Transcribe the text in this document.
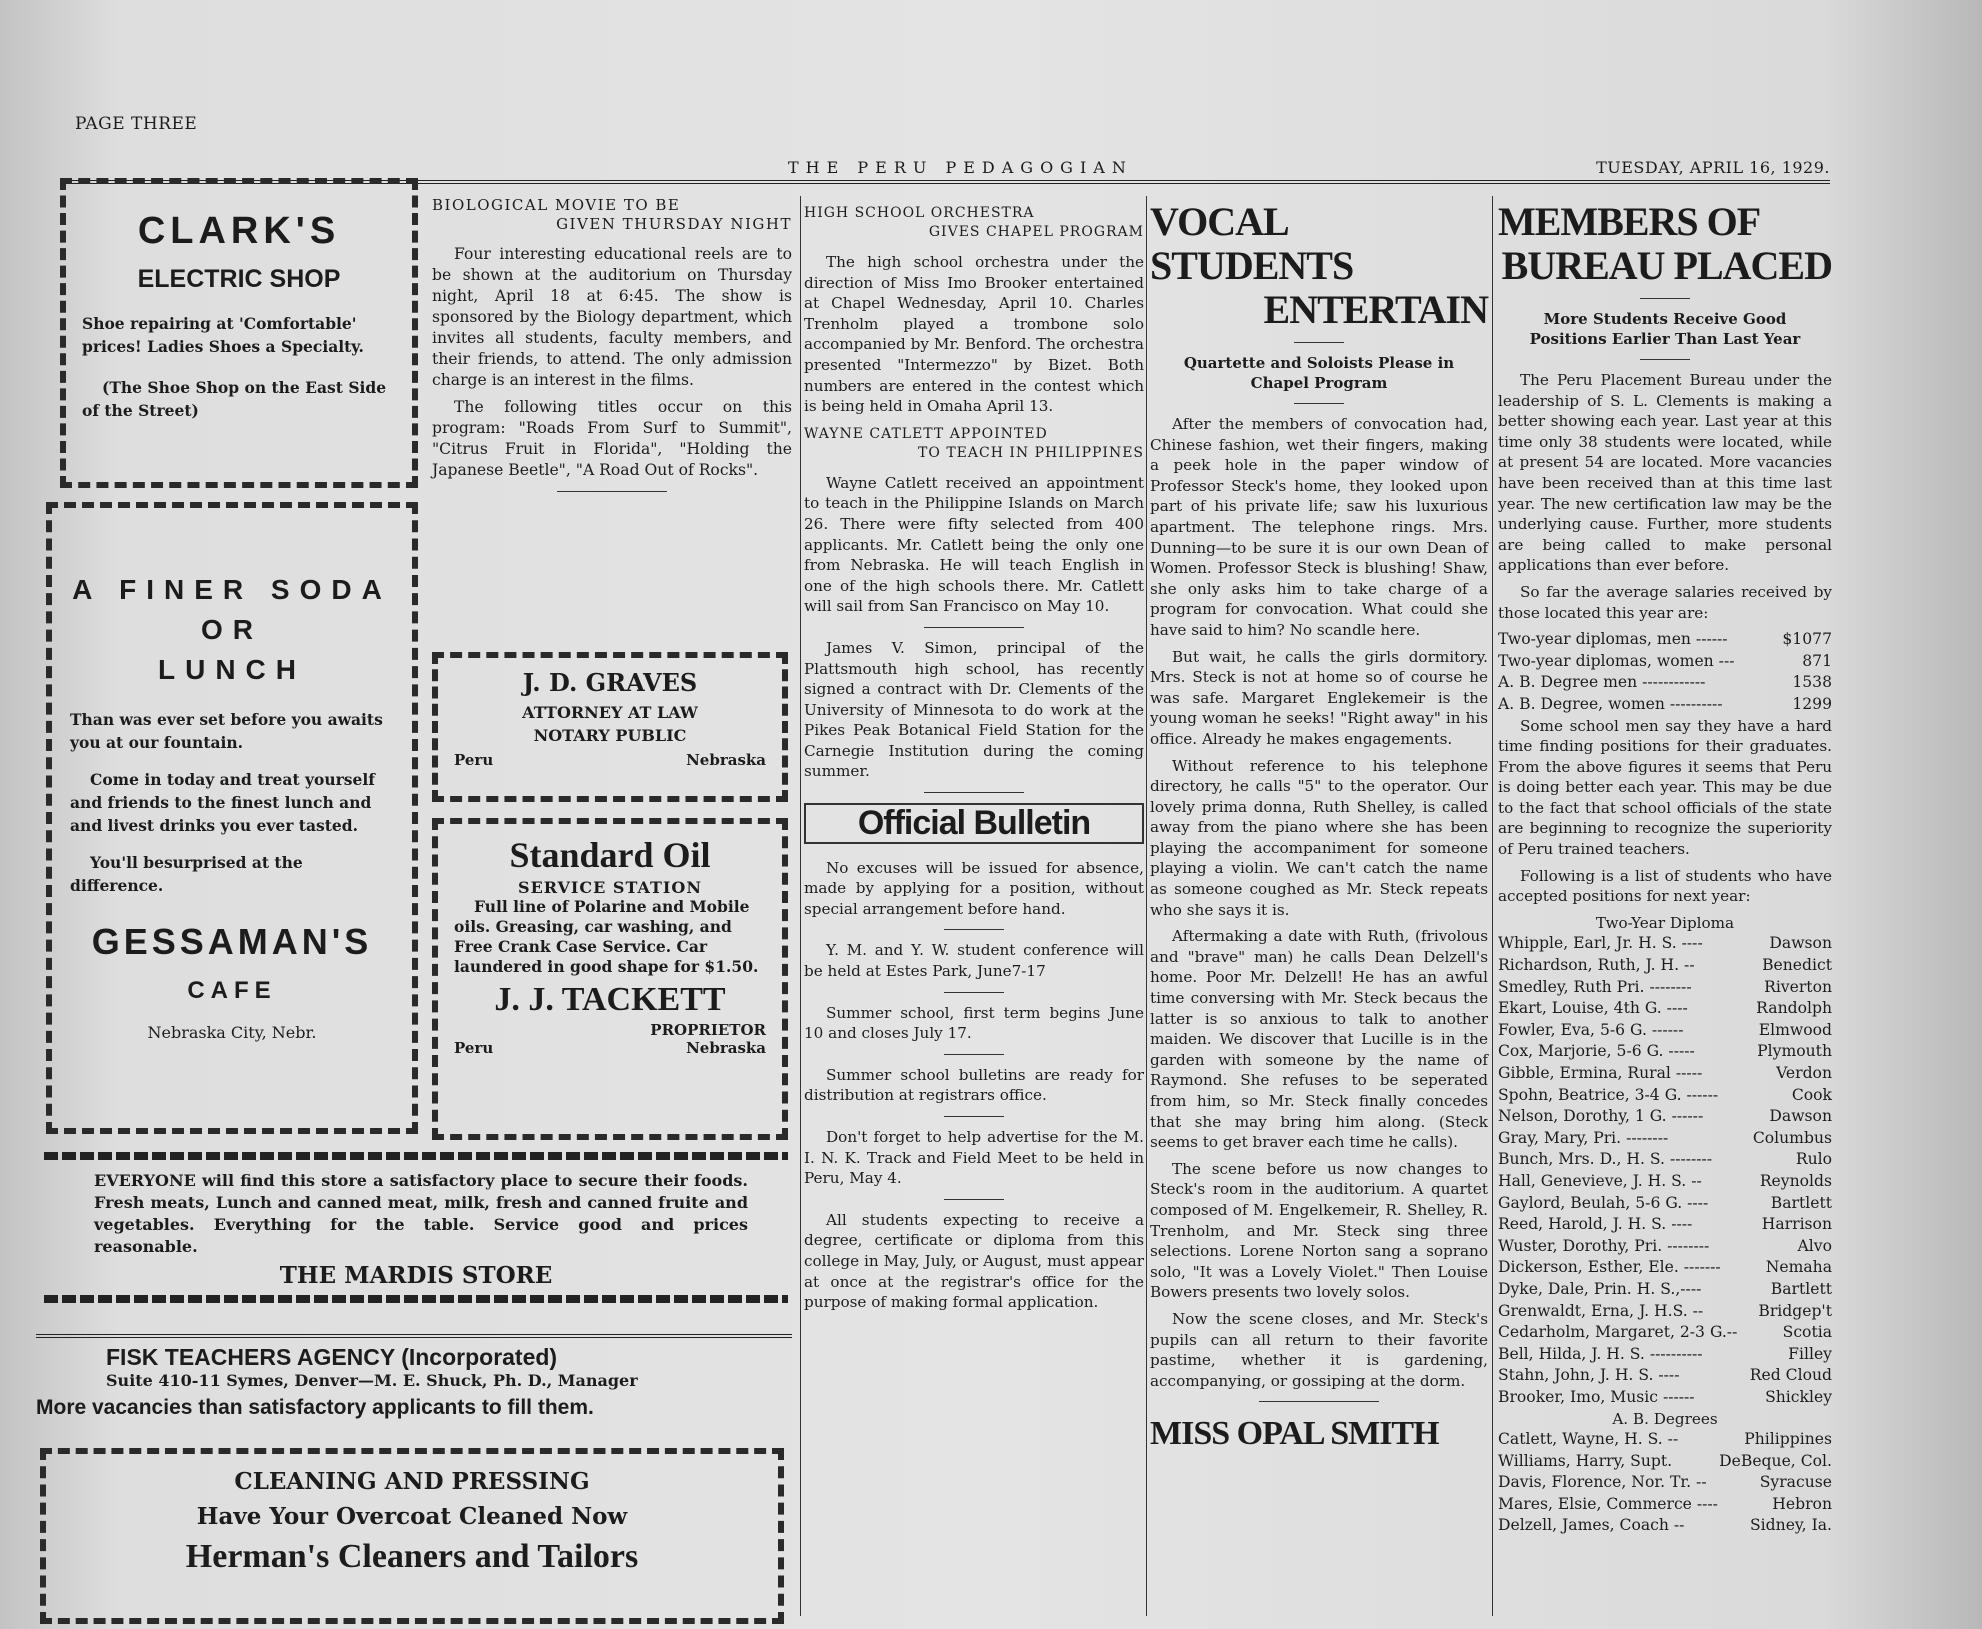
PAGE THREE
THE PERU PEDAGOGIAN	TUESDAY, APRIL 16, 1929.
CLARK'S
ELECTRIC SHOP
Shoe repairing at 'Comfortable' prices! Ladies Shoes a Specialty.
(The Shoe Shop on the East Side of the Street)
A FINER SODA
OR
LUNCH
Than was ever set before you awaits you at our fountain.
Come in today and treat yourself and friends to the finest lunch and and livest drinks you ever tasted.
You'll besurprised at the difference.
GESSAMAN'S
CAFE
Nebraska City, Nebr.
BIOLOGICAL MOVIE TO BE
GIVEN THURSDAY NIGHT

Four interesting educational reels are to be shown at the auditorium on Thursday night, April 18 at 6:45. The show is sponsored by the Biology department, which invites all students, faculty members, and their friends, to attend. The only admission charge is an interest in the films.

The following titles occur on this program: "Roads From Surf to Summit", "Citrus Fruit in Florida", "Holding the Japanese Beetle", "A Road Out of Rocks".

J. D. GRAVES
ATTORNEY AT LAW
NOTARY PUBLIC
Peru	Nebraska
Standard Oil
SERVICE STATION
Full line of Polarine and Mobile oils. Greasing, car washing, and Free Crank Case Service. Car laundered in good shape for $1.50.
J. J. TACKETT
PROPRIETOR
Peru	Nebraska
EVERYONE will find this store a satisfactory place to secure their foods. Fresh meats, Lunch and canned meat, milk, fresh and canned fruite and vegetables. Everything for the table. Service good and prices reasonable.
THE MARDIS STORE
FISK TEACHERS AGENCY (Incorporated)
Suite 410-11 Symes, Denver—M. E. Shuck, Ph. D., Manager
More vacancies than satisfactory applicants to fill them.
CLEANING AND PRESSING
Have Your Overcoat Cleaned Now
Herman's Cleaners and Tailors
HIGH SCHOOL ORCHESTRA
GIVES CHAPEL PROGRAM

The high school orchestra under the direction of Miss Imo Brooker entertained at Chapel Wednesday, April 10. Charles Trenholm played a trombone solo accompanied by Mr. Benford. The orchestra presented "Intermezzo" by Bizet. Both numbers are entered in the contest which is being held in Omaha April 13.

WAYNE CATLETT APPOINTED
TO TEACH IN PHILIPPINES

Wayne Catlett received an appointment to teach in the Philippine Islands on March 26. There were fifty selected from 400 applicants. Mr. Catlett being the only one from Nebraska. He will teach English in one of the high schools there. Mr. Catlett will sail from San Francisco on May 10.

James V. Simon, principal of the Plattsmouth high school, has recently signed a contract with Dr. Clements of the University of Minnesota to do work at the Pikes Peak Botanical Field Station for the Carnegie Institution during the coming summer.

Official Bulletin

No excuses will be issued for absence, made by applying for a position, without special arrangement before hand.

Y. M. and Y. W. student conference will be held at Estes Park, June7-17

Summer school, first term begins June 10 and closes July 17.

Summer school bulletins are ready for distribution at registrars office.

Don't forget to help advertise for the M. I. N. K. Track and Field Meet to be held in Peru, May 4.

All students expecting to receive a degree, certificate or diploma from this college in May, July, or August, must appear at once at the registrar's office for the purpose of making formal application.

VOCAL STUDENTS
ENTERTAIN
Quartette and Soloists Please in Chapel Program

After the members of convocation had, Chinese fashion, wet their fingers, making a peek hole in the paper window of Professor Steck's home, they looked upon part of his private life; saw his luxurious apartment. The telephone rings. Mrs. Dunning—to be sure it is our own Dean of Women. Professor Steck is blushing! Shaw, she only asks him to take charge of a program for convocation. What could she have said to him? No scandle here.

But wait, he calls the girls dormitory. Mrs. Steck is not at home so of course he was safe. Margaret Englekemeir is the young woman he seeks! "Right away" in his office. Already he makes engagements.

Without reference to his telephone directory, he calls "5" to the operator. Our lovely prima donna, Ruth Shelley, is called away from the piano where she has been playing the accompaniment for someone playing a violin. We can't catch the name as someone coughed as Mr. Steck repeats who she says it is.

Aftermaking a date with Ruth, (frivolous and "brave" man) he calls Dean Delzell's home. Poor Mr. Delzell! He has an awful time conversing with Mr. Steck becaus the latter is so anxious to talk to another maiden. We discover that Lucille is in the garden with someone by the name of Raymond. She refuses to be seperated from him, so Mr. Steck finally concedes that she may bring him along. (Steck seems to get braver each time he calls).

The scene before us now changes to Steck's room in the auditorium. A quartet composed of M. Engelkemeir, R. Shelley, R. Trenholm, and Mr. Steck sing three selections. Lorene Norton sang a soprano solo, "It was a Lovely Violet." Then Louise Bowers presents two lovely solos.

Now the scene closes, and Mr. Steck's pupils can all return to their favorite pastime, whether it is gardening, accompanying, or gossiping at the dorm.

MISS OPAL SMITH
MEMBERS OF
BUREAU PLACED
More Students Receive Good Positions Earlier Than Last Year

The Peru Placement Bureau under the leadership of S. L. Clements is making a better showing each year. Last year at this time only 38 students were located, while at present 54 are located. More vacancies have been received than at this time last year. The new certification law may be the underlying cause. Further, more students are being called to make personal applications than ever before.

So far the average salaries received by those located this year are:

Two-year diplomas, men ------	$1077
Two-year diplomas, women ---	871
A. B. Degree men ------------	1538
A. B. Degree, women ----------	1299

Some school men say they have a hard time finding positions for their graduates. From the above figures it seems that Peru is doing better each year. This may be due to the fact that school officials of the state are beginning to recognize the superiority of Peru trained teachers.

Following is a list of students who have accepted positions for next year:

Two-Year Diploma
Whipple, Earl, Jr. H. S. ----	Dawson
Richardson, Ruth, J. H. --	Benedict
Smedley, Ruth Pri. --------	Riverton
Ekart, Louise, 4th G. ----	Randolph
Fowler, Eva, 5-6 G. ------	Elmwood
Cox, Marjorie, 5-6 G. -----	Plymouth
Gibble, Ermina, Rural -----	Verdon
Spohn, Beatrice, 3-4 G. ------	Cook
Nelson, Dorothy, 1 G. ------	Dawson
Gray, Mary, Pri. --------	Columbus
Bunch, Mrs. D., H. S. --------	Rulo
Hall, Genevieve, J. H. S. --	Reynolds
Gaylord, Beulah, 5-6 G. ----	Bartlett
Reed, Harold, J. H. S. ----	Harrison
Wuster, Dorothy, Pri. --------	Alvo
Dickerson, Esther, Ele. -------	Nemaha
Dyke, Dale, Prin. H. S.,----	Bartlett
Grenwaldt, Erna, J. H.S. --	Bridgep't
Cedarholm, Margaret, 2-3 G.--	Scotia
Bell, Hilda, J. H. S. ----------	Filley
Stahn, John, J. H. S. ----	Red Cloud
Brooker, Imo, Music ------	Shickley
A. B. Degrees
Catlett, Wayne, H. S. --	Philippines
Williams, Harry, Supt.	DeBeque, Col.
Davis, Florence, Nor. Tr. --	Syracuse
Mares, Elsie, Commerce ----	Hebron
Delzell, James, Coach --	Sidney, Ia.
